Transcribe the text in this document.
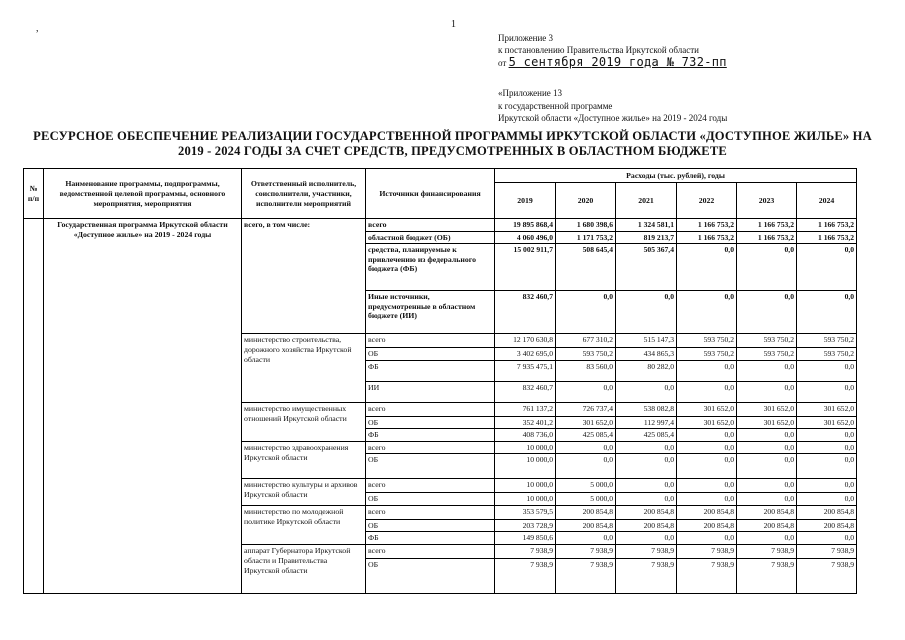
1
,
Приложение 3
к постановлению Правительства Иркутской области
от 5 сентября 2019 года № 732-пп
«Приложение 13
к государственной программе
Иркутской области «Доступное жилье» на 2019 - 2024 годы
РЕСУРСНОЕ ОБЕСПЕЧЕНИЕ РЕАЛИЗАЦИИ ГОСУДАРСТВЕННОЙ ПРОГРАММЫ ИРКУТСКОЙ ОБЛАСТИ «ДОСТУПНОЕ ЖИЛЬЕ» НА 2019 - 2024 ГОДЫ ЗА СЧЕТ СРЕДСТВ, ПРЕДУСМОТРЕННЫХ В ОБЛАСТНОМ БЮДЖЕТЕ
№ п/п	Наименование программы, подпрограммы, ведомственной целевой программы, основного мероприятия, мероприятия	Ответственный исполнитель, соисполнители, участники, исполнители мероприятий	Источники финансирования	Расходы (тыс. рублей), годы					
				2019	2020	2021	2022	2023	2024
	Государственная программа Иркутской области «Доступное жилье» на 2019 - 2024 годы	всего, в том числе:	всего	19 895 868,4	1 680 398,6	1 324 581,1	1 166 753,2	1 166 753,2	1 166 753,2
			областной бюджет (ОБ)	4 060 496,0	1 171 753,2	819 213,7	1 166 753,2	1 166 753,2	1 166 753,2
			средства, планируемые к привлечению из федерального бюджета (ФБ)	15 002 911,7	508 645,4	505 367,4	0,0	0,0	0,0
			Иные источники, предусмотренные в областном бюджете (ИИ)	832 460,7	0,0	0,0	0,0	0,0	0,0
		министерство строительства, дорожного хозяйства Иркутской области	всего	12 170 630,8	677 310,2	515 147,3	593 750,2	593 750,2	593 750,2
			ОБ	3 402 695,0	593 750,2	434 865,3	593 750,2	593 750,2	593 750,2
			ФБ	7 935 475,1	83 560,0	80 282,0	0,0	0,0	0,0
			ИИ	832 460,7	0,0	0,0	0,0	0,0	0,0
		министерство имущественных отношений Иркутской области	всего	761 137,2	726 737,4	538 082,8	301 652,0	301 652,0	301 652,0
			ОБ	352 401,2	301 652,0	112 997,4	301 652,0	301 652,0	301 652,0
			ФБ	408 736,0	425 085,4	425 085,4	0,0	0,0	0,0
		министерство здравоохранения Иркутской области	всего	10 000,0	0,0	0,0	0,0	0,0	0,0
			ОБ	10 000,0	0,0	0,0	0,0	0,0	0,0
		министерство культуры и архивов Иркутской области	всего	10 000,0	5 000,0	0,0	0,0	0,0	0,0
			ОБ	10 000,0	5 000,0	0,0	0,0	0,0	0,0
		министерство по молодежной политике Иркутской области	всего	353 579,5	200 854,8	200 854,8	200 854,8	200 854,8	200 854,8
			ОБ	203 728,9	200 854,8	200 854,8	200 854,8	200 854,8	200 854,8
			ФБ	149 850,6	0,0	0,0	0,0	0,0	0,0
		аппарат Губернатора Иркутской области и Правительства Иркутской области	всего	7 938,9	7 938,9	7 938,9	7 938,9	7 938,9	7 938,9
			ОБ	7 938,9	7 938,9	7 938,9	7 938,9	7 938,9	7 938,9
